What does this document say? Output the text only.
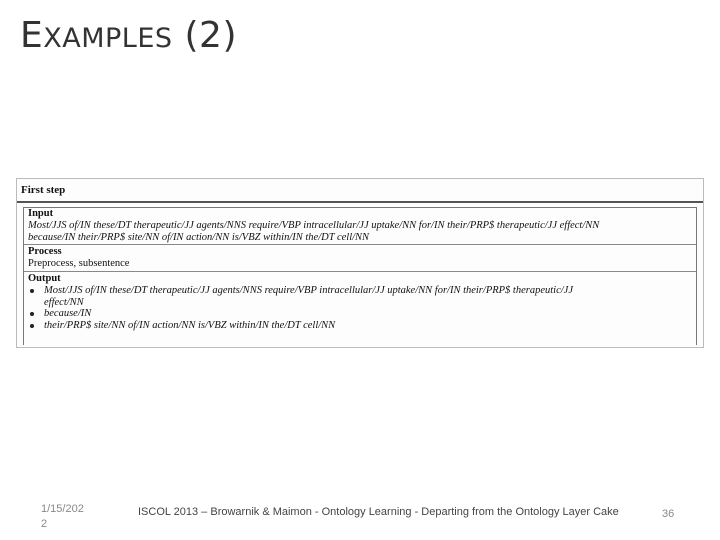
EXAMPLES (2)
First step
Input
Most/JJS of/IN these/DT therapeutic/JJ agents/NNS require/VBP intracellular/JJ uptake/NN for/IN their/PRP$ therapeutic/JJ effect/NN
because/IN their/PRP$ site/NN of/IN action/NN is/VBZ within/IN the/DT cell/NN
Process
Preprocess, subsentence
Output
Most/JJS of/IN these/DT therapeutic/JJ agents/NNS require/VBP intracellular/JJ uptake/NN for/IN their/PRP$ therapeutic/JJ
effect/NN
because/IN
their/PRP$ site/NN of/IN action/NN is/VBZ within/IN the/DT cell/NN
1/15/202
2
ISCOL 2013 – Browarnik & Maimon - Ontology Learning - Departing from the Ontology Layer Cake	36
